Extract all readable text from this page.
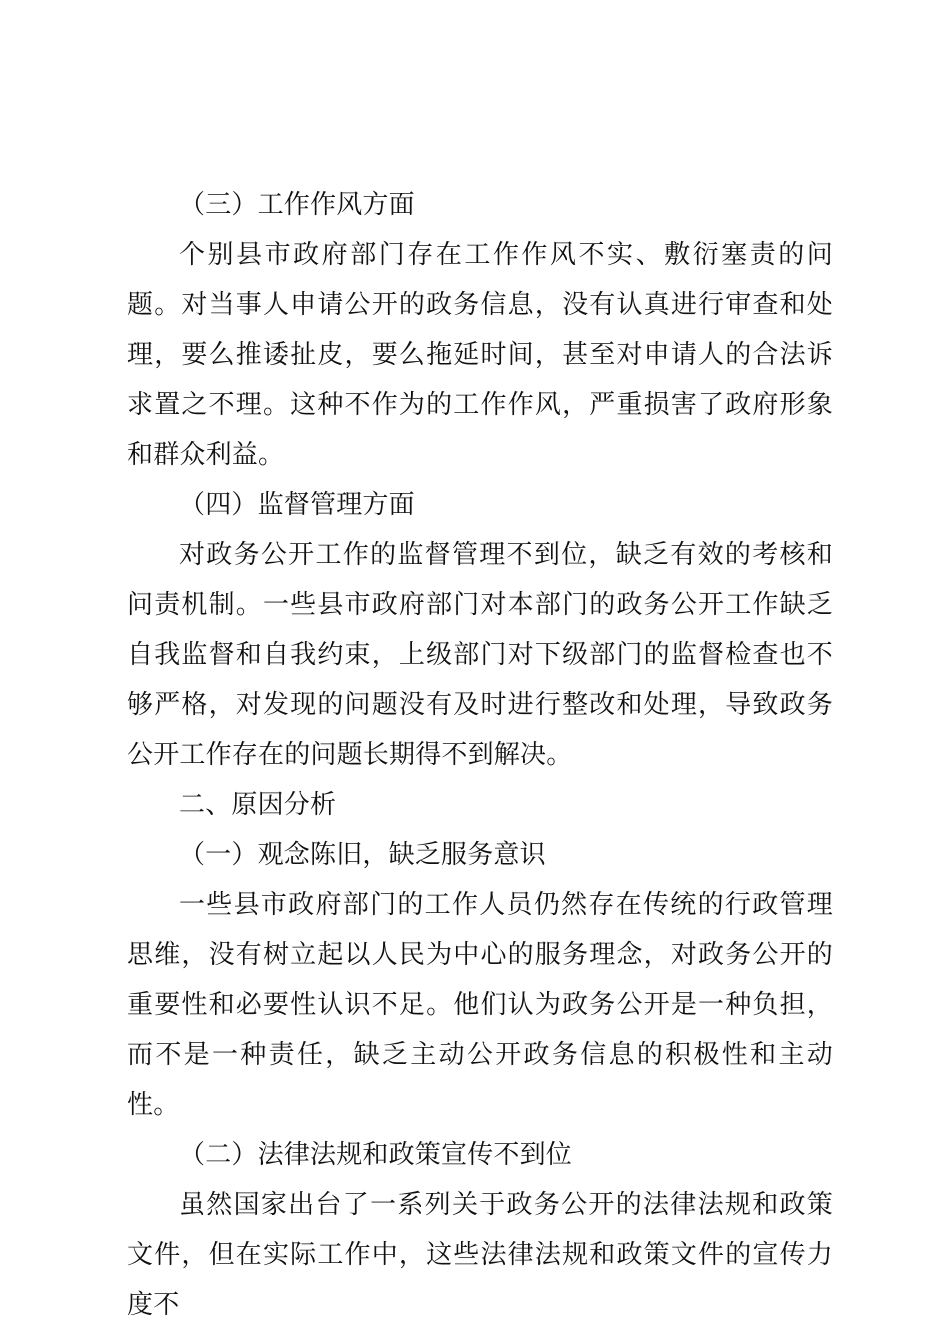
（三）工作作风方面

个别县市政府部门存在工作作风不实、敷衍塞责的问题。对当事人申请公开的政务信息，没有认真进行审查和处理，要么推诿扯皮，要么拖延时间，甚至对申请人的合法诉求置之不理。这种不作为的工作作风，严重损害了政府形象和群众利益。

（四）监督管理方面

对政务公开工作的监督管理不到位，缺乏有效的考核和问责机制。一些县市政府部门对本部门的政务公开工作缺乏自我监督和自我约束，上级部门对下级部门的监督检查也不够严格，对发现的问题没有及时进行整改和处理，导致政务公开工作存在的问题长期得不到解决。

二、原因分析

（一）观念陈旧，缺乏服务意识

一些县市政府部门的工作人员仍然存在传统的行政管理思维，没有树立起以人民为中心的服务理念，对政务公开的重要性和必要性认识不足。他们认为政务公开是一种负担，而不是一种责任，缺乏主动公开政务信息的积极性和主动性。

（二）法律法规和政策宣传不到位

虽然国家出台了一系列关于政务公开的法律法规和政策文件，但在实际工作中，这些法律法规和政策文件的宣传力度不
